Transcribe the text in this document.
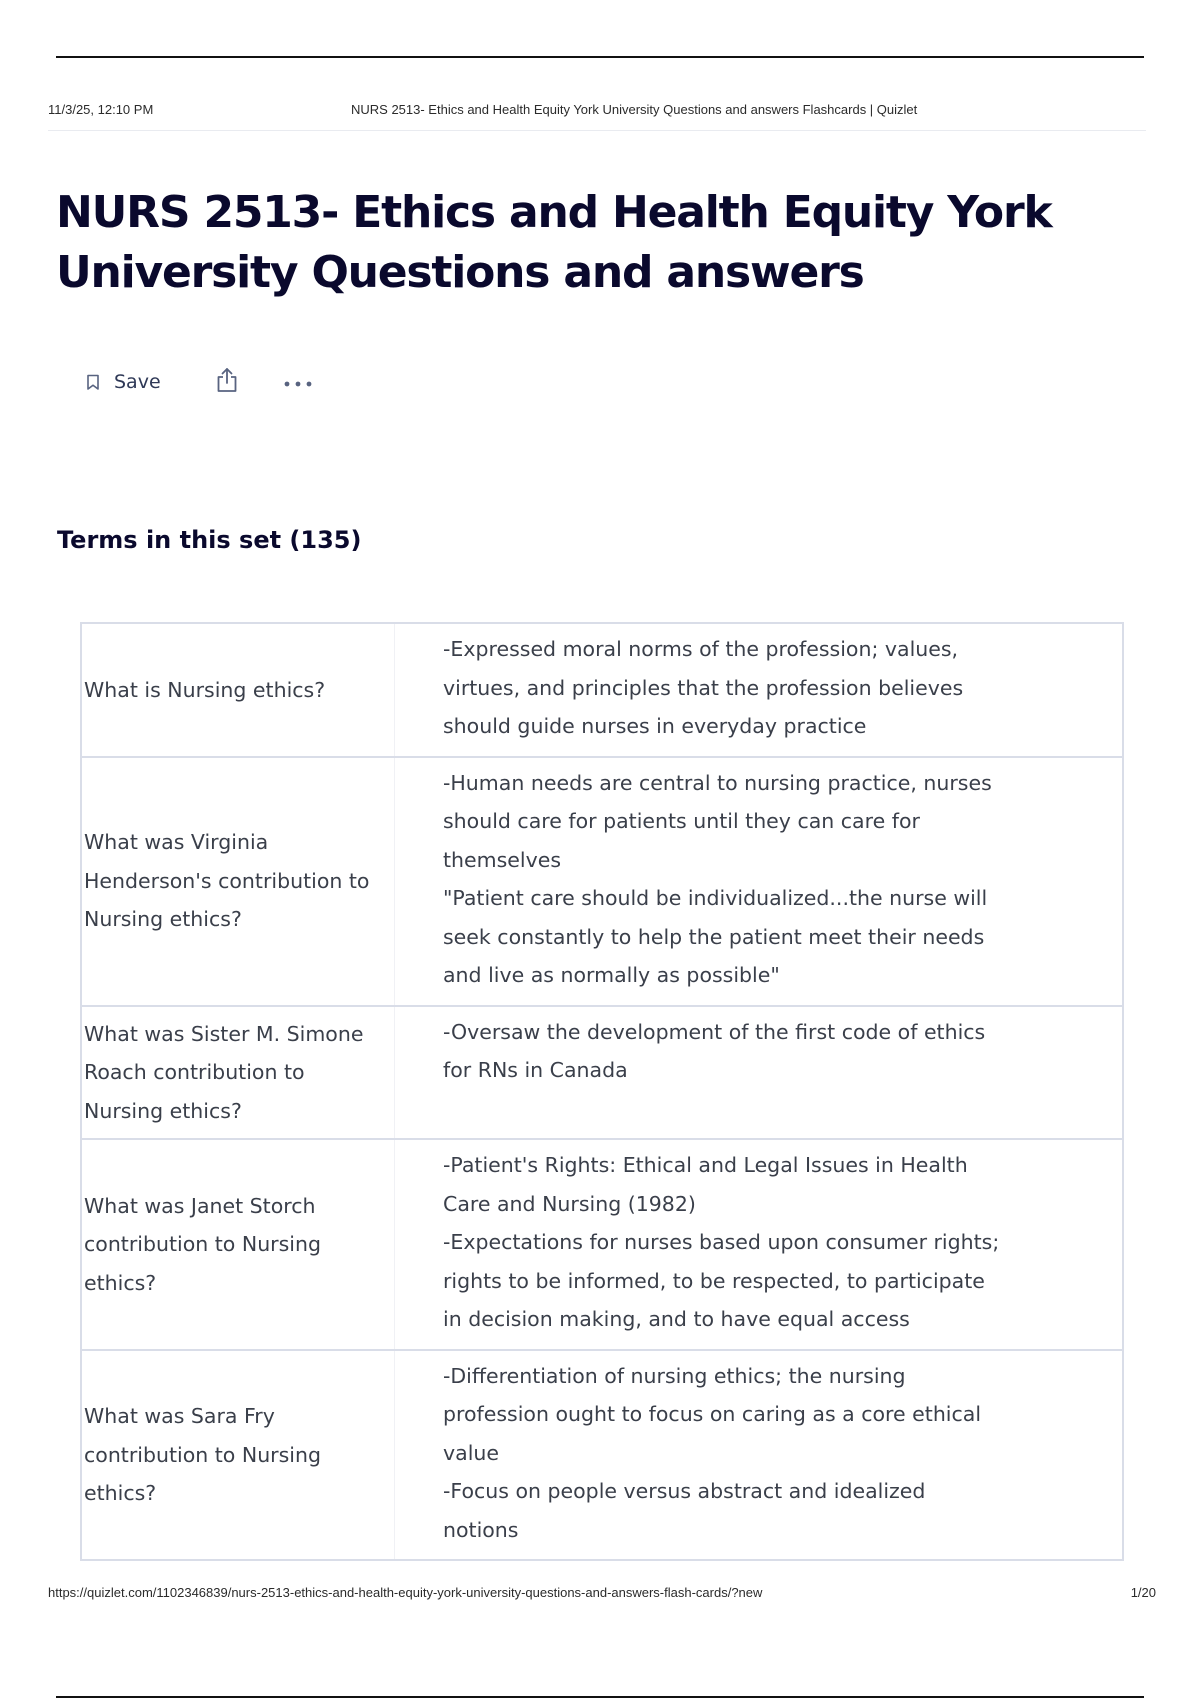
11/3/25, 12:10 PM	NURS 2513- Ethics and Health Equity York University Questions and answers Flashcards | Quizlet
NURS 2513- Ethics and Health Equity York University Questions and answers
Save
Terms in this set (135)
What is Nursing ethics?
-Expressed moral norms of the profession; values,
virtues, and principles that the profession believes
should guide nurses in everyday practice
What was Virginia Henderson's contribution to Nursing ethics?
-Human needs are central to nursing practice, nurses
should care for patients until they can care for
themselves
"Patient care should be individualized...the nurse will
seek constantly to help the patient meet their needs
and live as normally as possible"
What was Sister M. Simone Roach contribution to Nursing ethics?
-Oversaw the development of the first code of ethics
for RNs in Canada

What was Janet Storch contribution to Nursing ethics?
-Patient's Rights: Ethical and Legal Issues in Health
Care and Nursing (1982)
-Expectations for nurses based upon consumer rights;
rights to be informed, to be respected, to participate
in decision making, and to have equal access
What was Sara Fry contribution to Nursing ethics?
-Differentiation of nursing ethics; the nursing
profession ought to focus on caring as a core ethical
value
-Focus on people versus abstract and idealized
notions
https://quizlet.com/1102346839/nurs-2513-ethics-and-health-equity-york-university-questions-and-answers-flash-cards/?new	1/20
